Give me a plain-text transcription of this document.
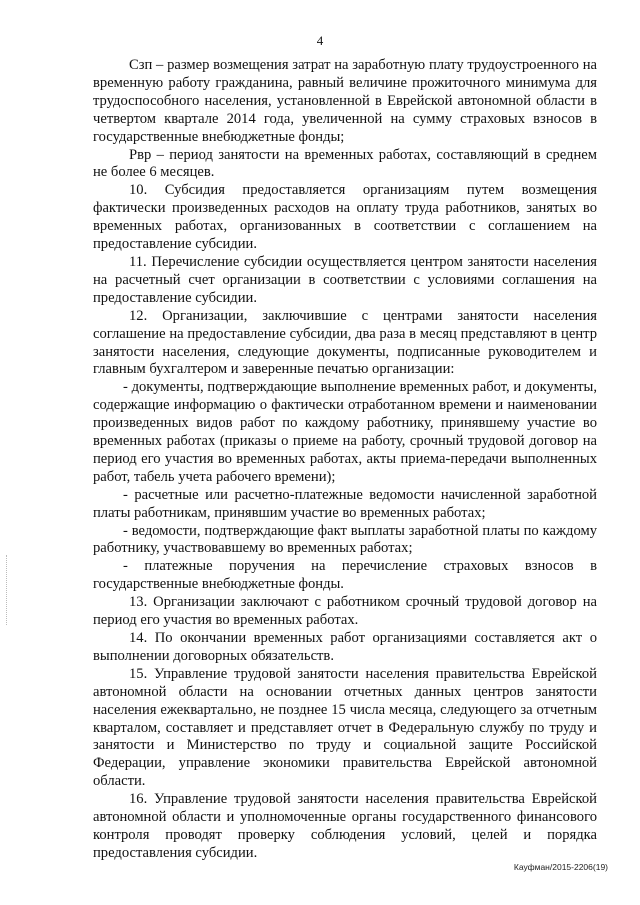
4

Сзп – размер возмещения затрат на заработную плату трудоустроенного на временную работу гражданина, равный величине прожиточного минимума для трудоспособного населения, установленной в Еврейской автономной области в четвертом квартале 2014 года, увеличенной на сумму страховых взносов в государственные внебюджетные фонды;

Рвр – период занятости на временных работах, составляющий в среднем не более 6 месяцев.

10. Субсидия предоставляется организациям путем возмещения фактически произведенных расходов на оплату труда работников, занятых во временных работах, организованных в соответствии с соглашением на предоставление субсидии.

11. Перечисление субсидии осуществляется центром занятости населения на расчетный счет организации в соответствии с условиями соглашения на предоставление субсидии.

12. Организации, заключившие с центрами занятости населения соглашение на предоставление субсидии, два раза в месяц представляют в центр занятости населения, следующие документы, подписанные руководителем и главным бухгалтером и заверенные печатью организации:

- документы, подтверждающие выполнение временных работ, и документы, содержащие информацию о фактически отработанном времени и наименовании произведенных видов работ по каждому работнику, принявшему участие во временных работах (приказы о приеме на работу, срочный трудовой договор на период его участия во временных работах, акты приема-передачи выполненных работ, табель учета рабочего времени);

- расчетные или расчетно-платежные ведомости начисленной заработной платы работникам, принявшим участие во временных работах;

- ведомости, подтверждающие факт выплаты заработной платы по каждому работнику, участвовавшему во временных работах;

- платежные поручения на перечисление страховых взносов в государственные внебюджетные фонды.

13. Организации заключают с работником срочный трудовой договор на период его участия во временных работах.

14. По окончании временных работ организациями составляется акт о выполнении договорных обязательств.

15. Управление трудовой занятости населения правительства Еврейской автономной области на основании отчетных данных центров занятости населения ежеквартально, не позднее 15 числа месяца, следующего за отчетным кварталом, составляет и представляет отчет в Федеральную службу по труду и занятости и Министерство по труду и социальной защите Российской Федерации, управление экономики правительства Еврейской автономной области.

16. Управление трудовой занятости населения правительства Еврейской автономной области и уполномоченные органы государственного финансового контроля проводят проверку соблюдения условий, целей и порядка предоставления субсидии.

Кауфман/2015-2206(19)
